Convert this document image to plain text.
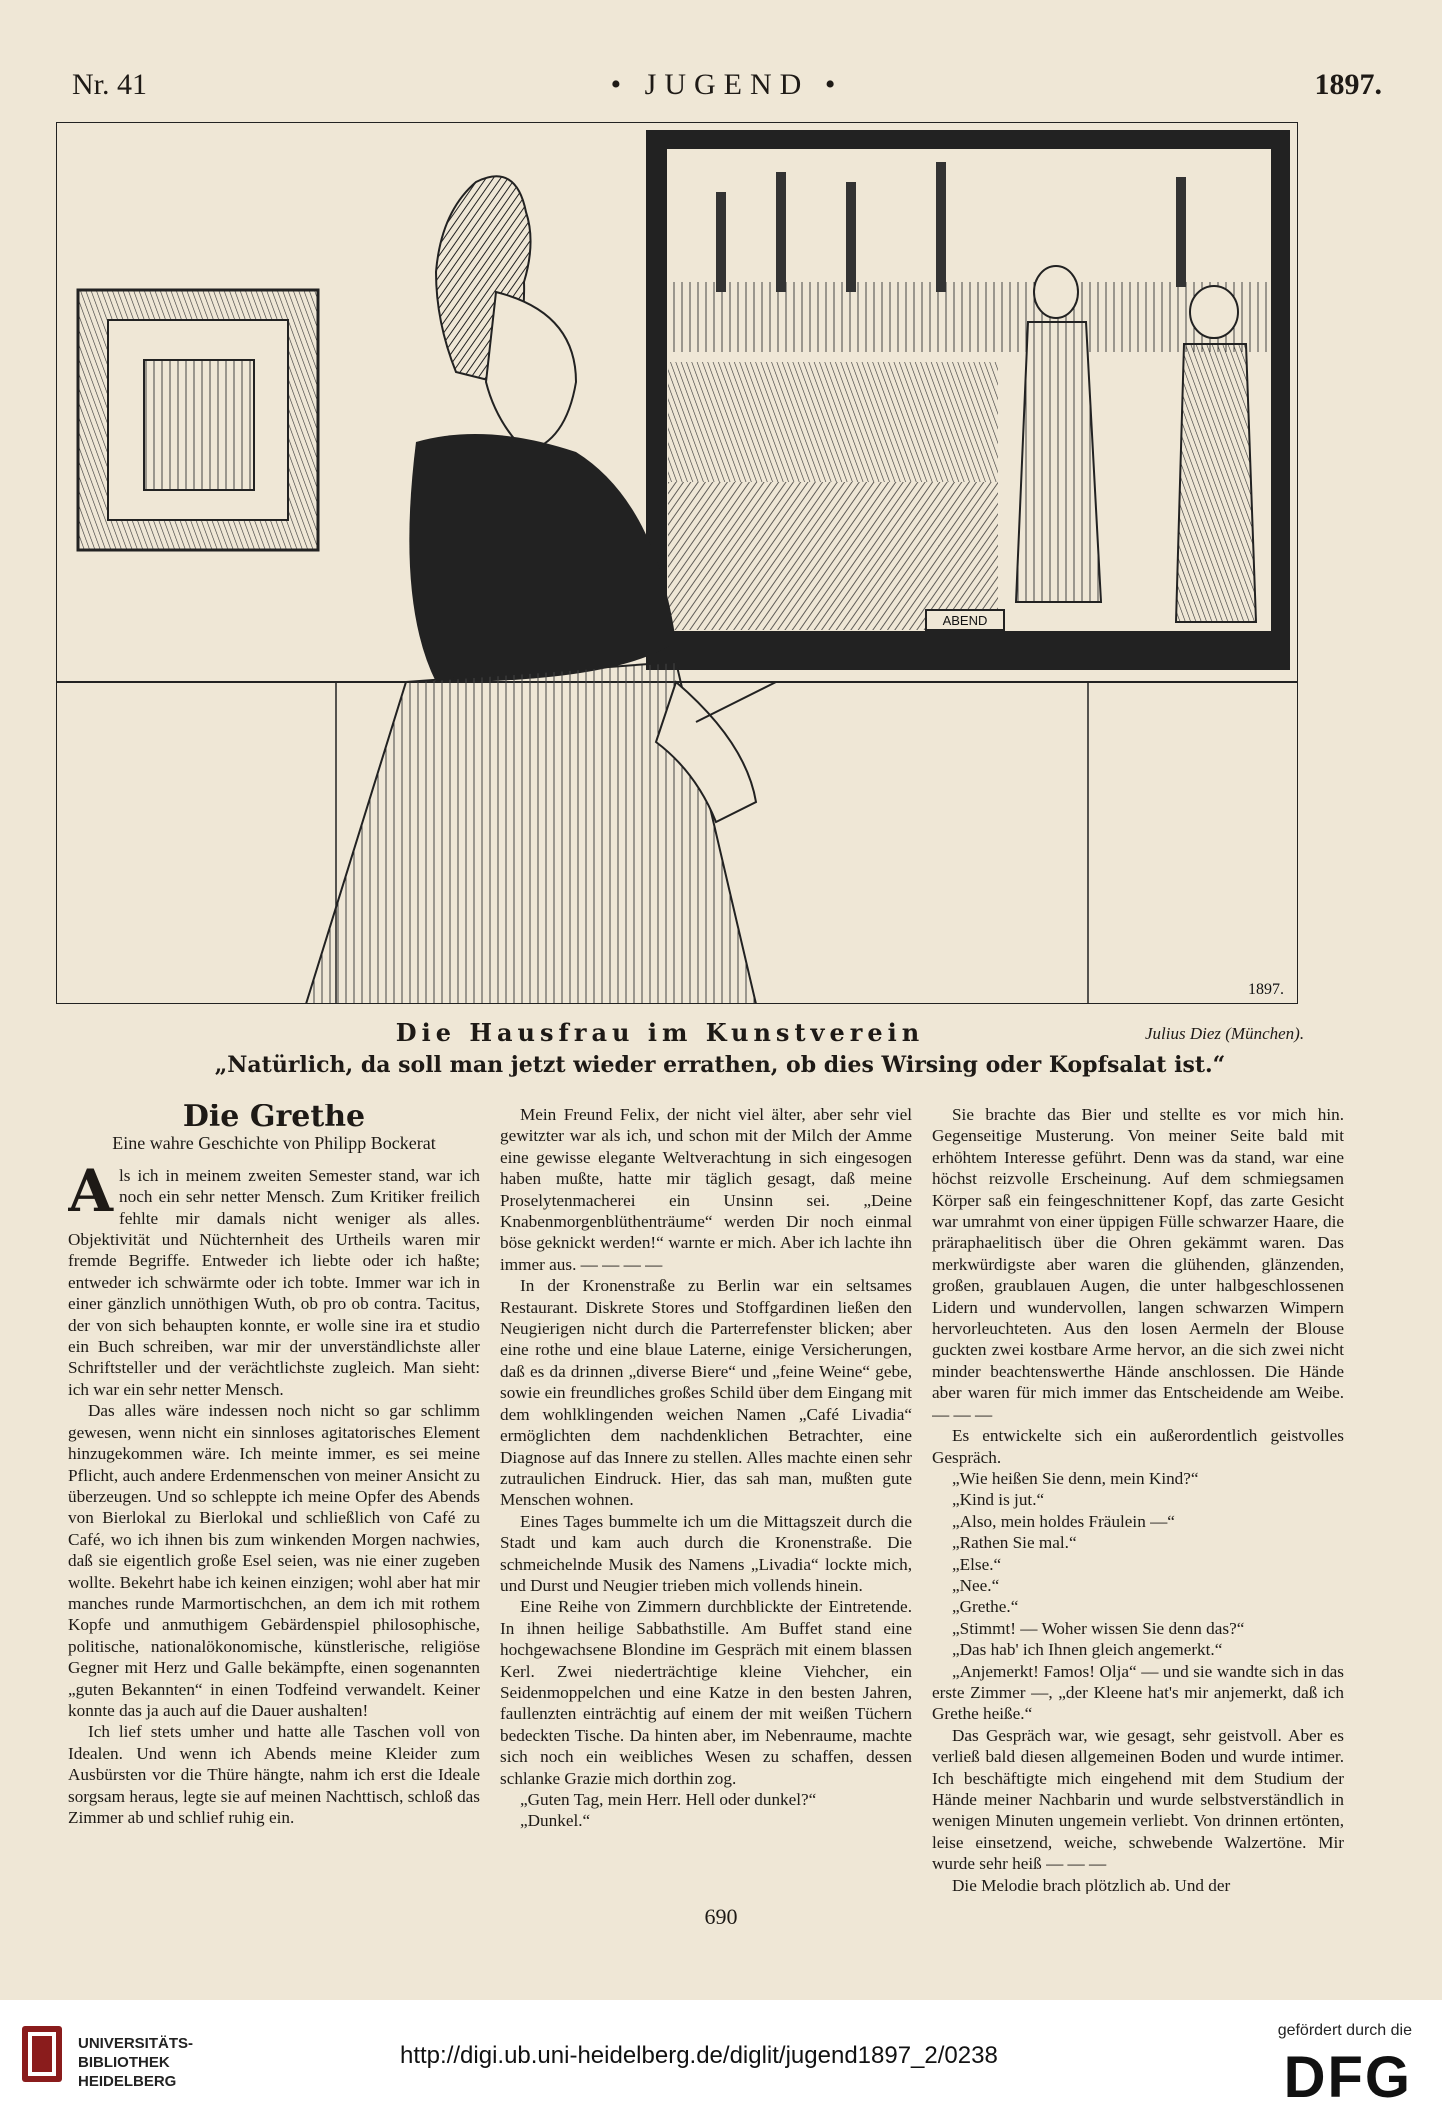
Nr. 41	• JUGEND •	1897.
ABEND
1897.
Die Hausfrau im Kunstverein	Julius Diez (München).
„Natürlich, da soll man jetzt wieder errathen, ob dies Wirsing oder Kopfsalat ist.“
Die Grethe
Eine wahre Geschichte von Philipp Bockerat

Als ich in meinem zweiten Semester stand, war ich noch ein sehr netter Mensch. Zum Kritiker freilich fehlte mir damals nicht weniger als alles. Objektivität und Nüchternheit des Urtheils waren mir fremde Begriffe. Entweder ich liebte oder ich haßte; entweder ich schwärmte oder ich tobte. Immer war ich in einer gänzlich unnöthigen Wuth, ob pro ob contra. Tacitus, der von sich behaupten konnte, er wolle sine ira et studio ein Buch schreiben, war mir der unverständlichste aller Schriftsteller und der verächtlichste zugleich. Man sieht: ich war ein sehr netter Mensch.

Das alles wäre indessen noch nicht so gar schlimm gewesen, wenn nicht ein sinnloses agitatorisches Element hinzugekommen wäre. Ich meinte immer, es sei meine Pflicht, auch andere Erdenmenschen von meiner Ansicht zu überzeugen. Und so schleppte ich meine Opfer des Abends von Bierlokal zu Bierlokal und schließlich von Café zu Café, wo ich ihnen bis zum winkenden Morgen nachwies, daß sie eigentlich große Esel seien, was nie einer zugeben wollte. Bekehrt habe ich keinen einzigen; wohl aber hat mir manches runde Marmortischchen, an dem ich mit rothem Kopfe und anmuthigem Gebärdenspiel philosophische, politische, nationalökonomische, künstlerische, religiöse Gegner mit Herz und Galle bekämpfte, einen sogenannten „guten Bekannten“ in einen Todfeind verwandelt. Keiner konnte das ja auch auf die Dauer aushalten!

Ich lief stets umher und hatte alle Taschen voll von Idealen. Und wenn ich Abends meine Kleider zum Ausbürsten vor die Thüre hängte, nahm ich erst die Ideale sorgsam heraus, legte sie auf meinen Nachttisch, schloß das Zimmer ab und schlief ruhig ein.

Mein Freund Felix, der nicht viel älter, aber sehr viel gewitzter war als ich, und schon mit der Milch der Amme eine gewisse elegante Weltverachtung in sich eingesogen haben mußte, hatte mir täglich gesagt, daß meine Proselytenmacherei ein Unsinn sei. „Deine Knabenmorgenblüthenträume“ werden Dir noch einmal böse geknickt werden!“ warnte er mich. Aber ich lachte ihn immer aus. — — — —

In der Kronenstraße zu Berlin war ein seltsames Restaurant. Diskrete Stores und Stoffgardinen ließen den Neugierigen nicht durch die Parterrefenster blicken; aber eine rothe und eine blaue Laterne, einige Versicherungen, daß es da drinnen „diverse Biere“ und „feine Weine“ gebe, sowie ein freundliches großes Schild über dem Eingang mit dem wohlklingenden weichen Namen „Café Livadia“ ermöglichten dem nachdenklichen Betrachter, eine Diagnose auf das Innere zu stellen. Alles machte einen sehr zutraulichen Eindruck. Hier, das sah man, mußten gute Menschen wohnen.

Eines Tages bummelte ich um die Mittagszeit durch die Stadt und kam auch durch die Kronenstraße. Die schmeichelnde Musik des Namens „Livadia“ lockte mich, und Durst und Neugier trieben mich vollends hinein.

Eine Reihe von Zimmern durchblickte der Eintretende. In ihnen heilige Sabbathstille. Am Buffet stand eine hochgewachsene Blondine im Gespräch mit einem blassen Kerl. Zwei niederträchtige kleine Viehcher, ein Seidenmoppelchen und eine Katze in den besten Jahren, faullenzten einträchtig auf einem der mit weißen Tüchern bedeckten Tische. Da hinten aber, im Nebenraume, machte sich noch ein weibliches Wesen zu schaffen, dessen schlanke Grazie mich dorthin zog.

„Guten Tag, mein Herr. Hell oder dunkel?“

„Dunkel.“

Sie brachte das Bier und stellte es vor mich hin. Gegenseitige Musterung. Von meiner Seite bald mit erhöhtem Interesse geführt. Denn was da stand, war eine höchst reizvolle Erscheinung. Auf dem schmiegsamen Körper saß ein feingeschnittener Kopf, das zarte Gesicht war umrahmt von einer üppigen Fülle schwarzer Haare, die präraphaelitisch über die Ohren gekämmt waren. Das merkwürdigste aber waren die glühenden, glänzenden, großen, graublauen Augen, die unter halbgeschlossenen Lidern und wundervollen, langen schwarzen Wimpern hervorleuchteten. Aus den losen Aermeln der Blouse guckten zwei kostbare Arme hervor, an die sich zwei nicht minder beachtenswerthe Hände anschlossen. Die Hände aber waren für mich immer das Entscheidende am Weibe. — — —

Es entwickelte sich ein außerordentlich geistvolles Gespräch.

„Wie heißen Sie denn, mein Kind?“

„Kind is jut.“

„Also, mein holdes Fräulein —“

„Rathen Sie mal.“

„Else.“

„Nee.“

„Grethe.“

„Stimmt! — Woher wissen Sie denn das?“

„Das hab' ich Ihnen gleich angemerkt.“

„Anjemerkt! Famos! Olja“ — und sie wandte sich in das erste Zimmer —, „der Kleene hat's mir anjemerkt, daß ich Grethe heiße.“

Das Gespräch war, wie gesagt, sehr geistvoll. Aber es verließ bald diesen allgemeinen Boden und wurde intimer. Ich beschäftigte mich eingehend mit dem Studium der Hände meiner Nachbarin und wurde selbstverständlich in wenigen Minuten ungemein verliebt. Von drinnen ertönten, leise einsetzend, weiche, schwebende Walzertöne. Mir wurde sehr heiß — — —

Die Melodie brach plötzlich ab. Und der

690
UNIVERSITÄTS-
BIBLIOTHEK
HEIDELBERG
http://digi.ub.uni-heidelberg.de/diglit/jugend1897_2/0238
gefördert durch die
DFG
